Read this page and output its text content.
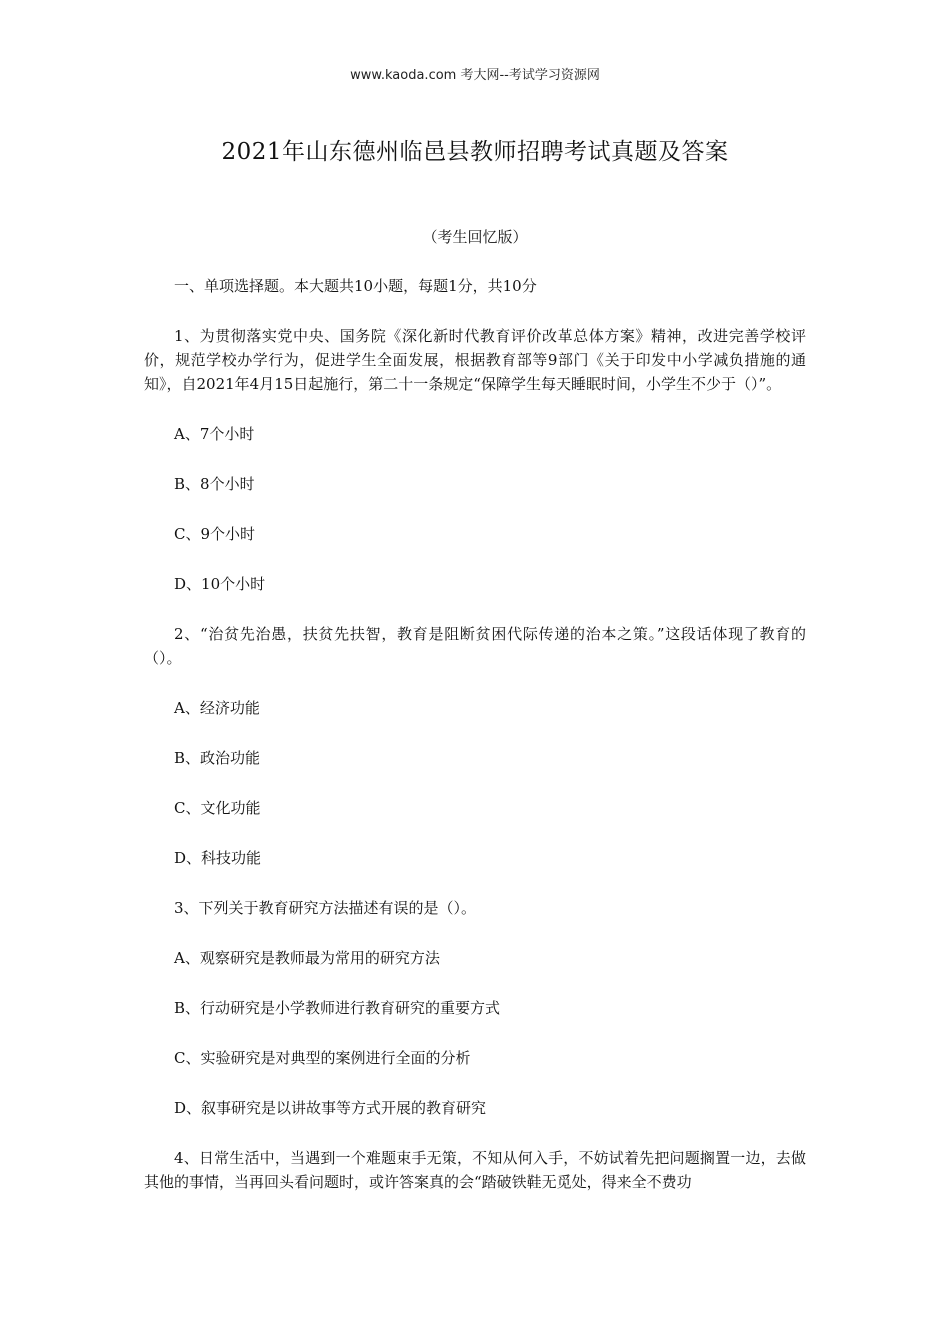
www.kaoda.com 考大网--考试学习资源网
2021年山东德州临邑县教师招聘考试真题及答案
（考生回忆版）

一、单项选择题。本大题共10小题，每题1分，共10分

1、为贯彻落实党中央、国务院《深化新时代教育评价改革总体方案》精神，改进完善学校评价，规范学校办学行为，促进学生全面发展，根据教育部等9部门《关于印发中小学减负措施的通知》，自2021年4月15日起施行，第二十一条规定“保障学生每天睡眠时间，小学生不少于（）”。

A、7个小时

B、8个小时

C、9个小时

D、10个小时

2、“治贫先治愚，扶贫先扶智，教育是阻断贫困代际传递的治本之策。”这段话体现了教育的（）。

A、经济功能

B、政治功能

C、文化功能

D、科技功能

3、下列关于教育研究方法描述有误的是（）。

A、观察研究是教师最为常用的研究方法

B、行动研究是小学教师进行教育研究的重要方式

C、实验研究是对典型的案例进行全面的分析

D、叙事研究是以讲故事等方式开展的教育研究

4、日常生活中，当遇到一个难题束手无策，不知从何入手，不妨试着先把问题搁置一边，去做其他的事情，当再回头看问题时，或许答案真的会“踏破铁鞋无觅处，得来全不费功
